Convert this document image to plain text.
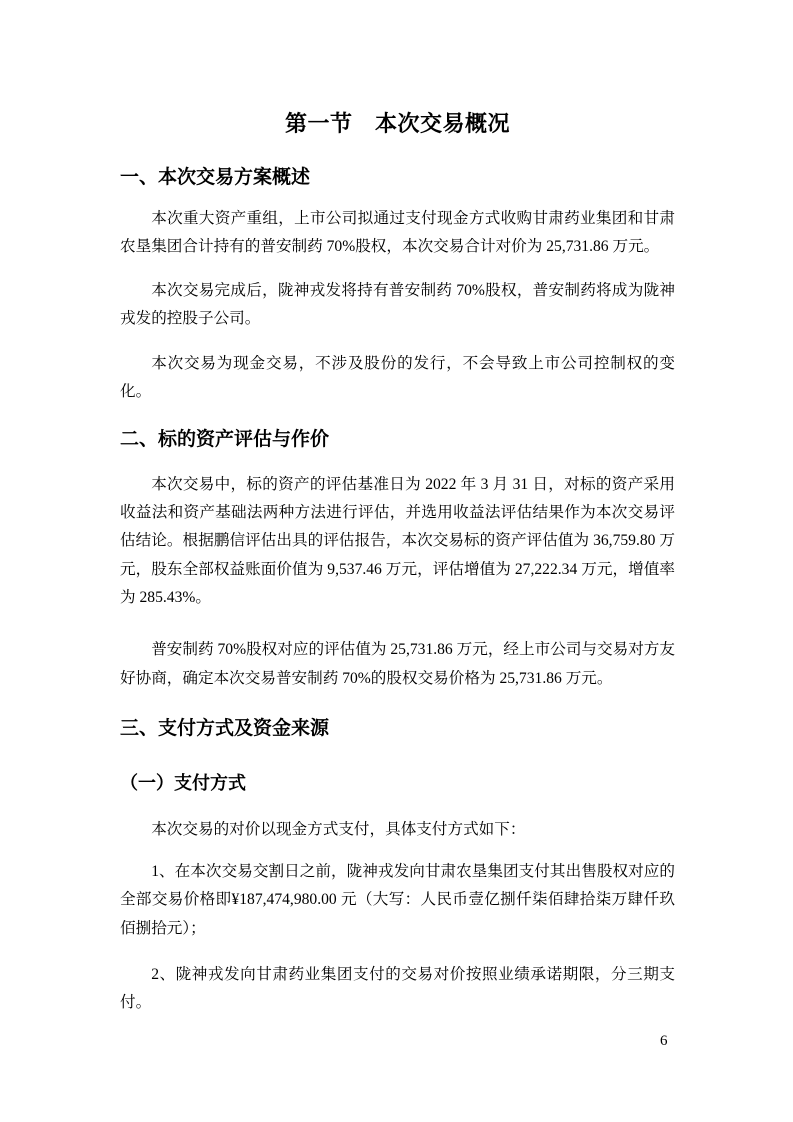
第一节　本次交易概况
一、本次交易方案概述

本次重大资产重组，上市公司拟通过支付现金方式收购甘肃药业集团和甘肃农垦集团合计持有的普安制药 70%股权，本次交易合计对价为 25,731.86 万元。

本次交易完成后，陇神戎发将持有普安制药 70%股权，普安制药将成为陇神戎发的控股子公司。

本次交易为现金交易，不涉及股份的发行，不会导致上市公司控制权的变化。

二、标的资产评估与作价

本次交易中，标的资产的评估基准日为 2022 年 3 月 31 日，对标的资产采用收益法和资产基础法两种方法进行评估，并选用收益法评估结果作为本次交易评估结论。根据鹏信评估出具的评估报告，本次交易标的资产评估值为 36,759.80 万元，股东全部权益账面价值为 9,537.46 万元，评估增值为 27,222.34 万元，增值率为 285.43%。

普安制药 70%股权对应的评估值为 25,731.86 万元，经上市公司与交易对方友好协商，确定本次交易普安制药 70%的股权交易价格为 25,731.86 万元。

三、支付方式及资金来源
（一）支付方式

本次交易的对价以现金方式支付，具体支付方式如下：

1、在本次交易交割日之前，陇神戎发向甘肃农垦集团支付其出售股权对应的全部交易价格即¥187,474,980.00 元（大写：人民币壹亿捌仟柒佰肆拾柒万肆仟玖佰捌拾元）；

2、陇神戎发向甘肃药业集团支付的交易对价按照业绩承诺期限，分三期支付。

6
